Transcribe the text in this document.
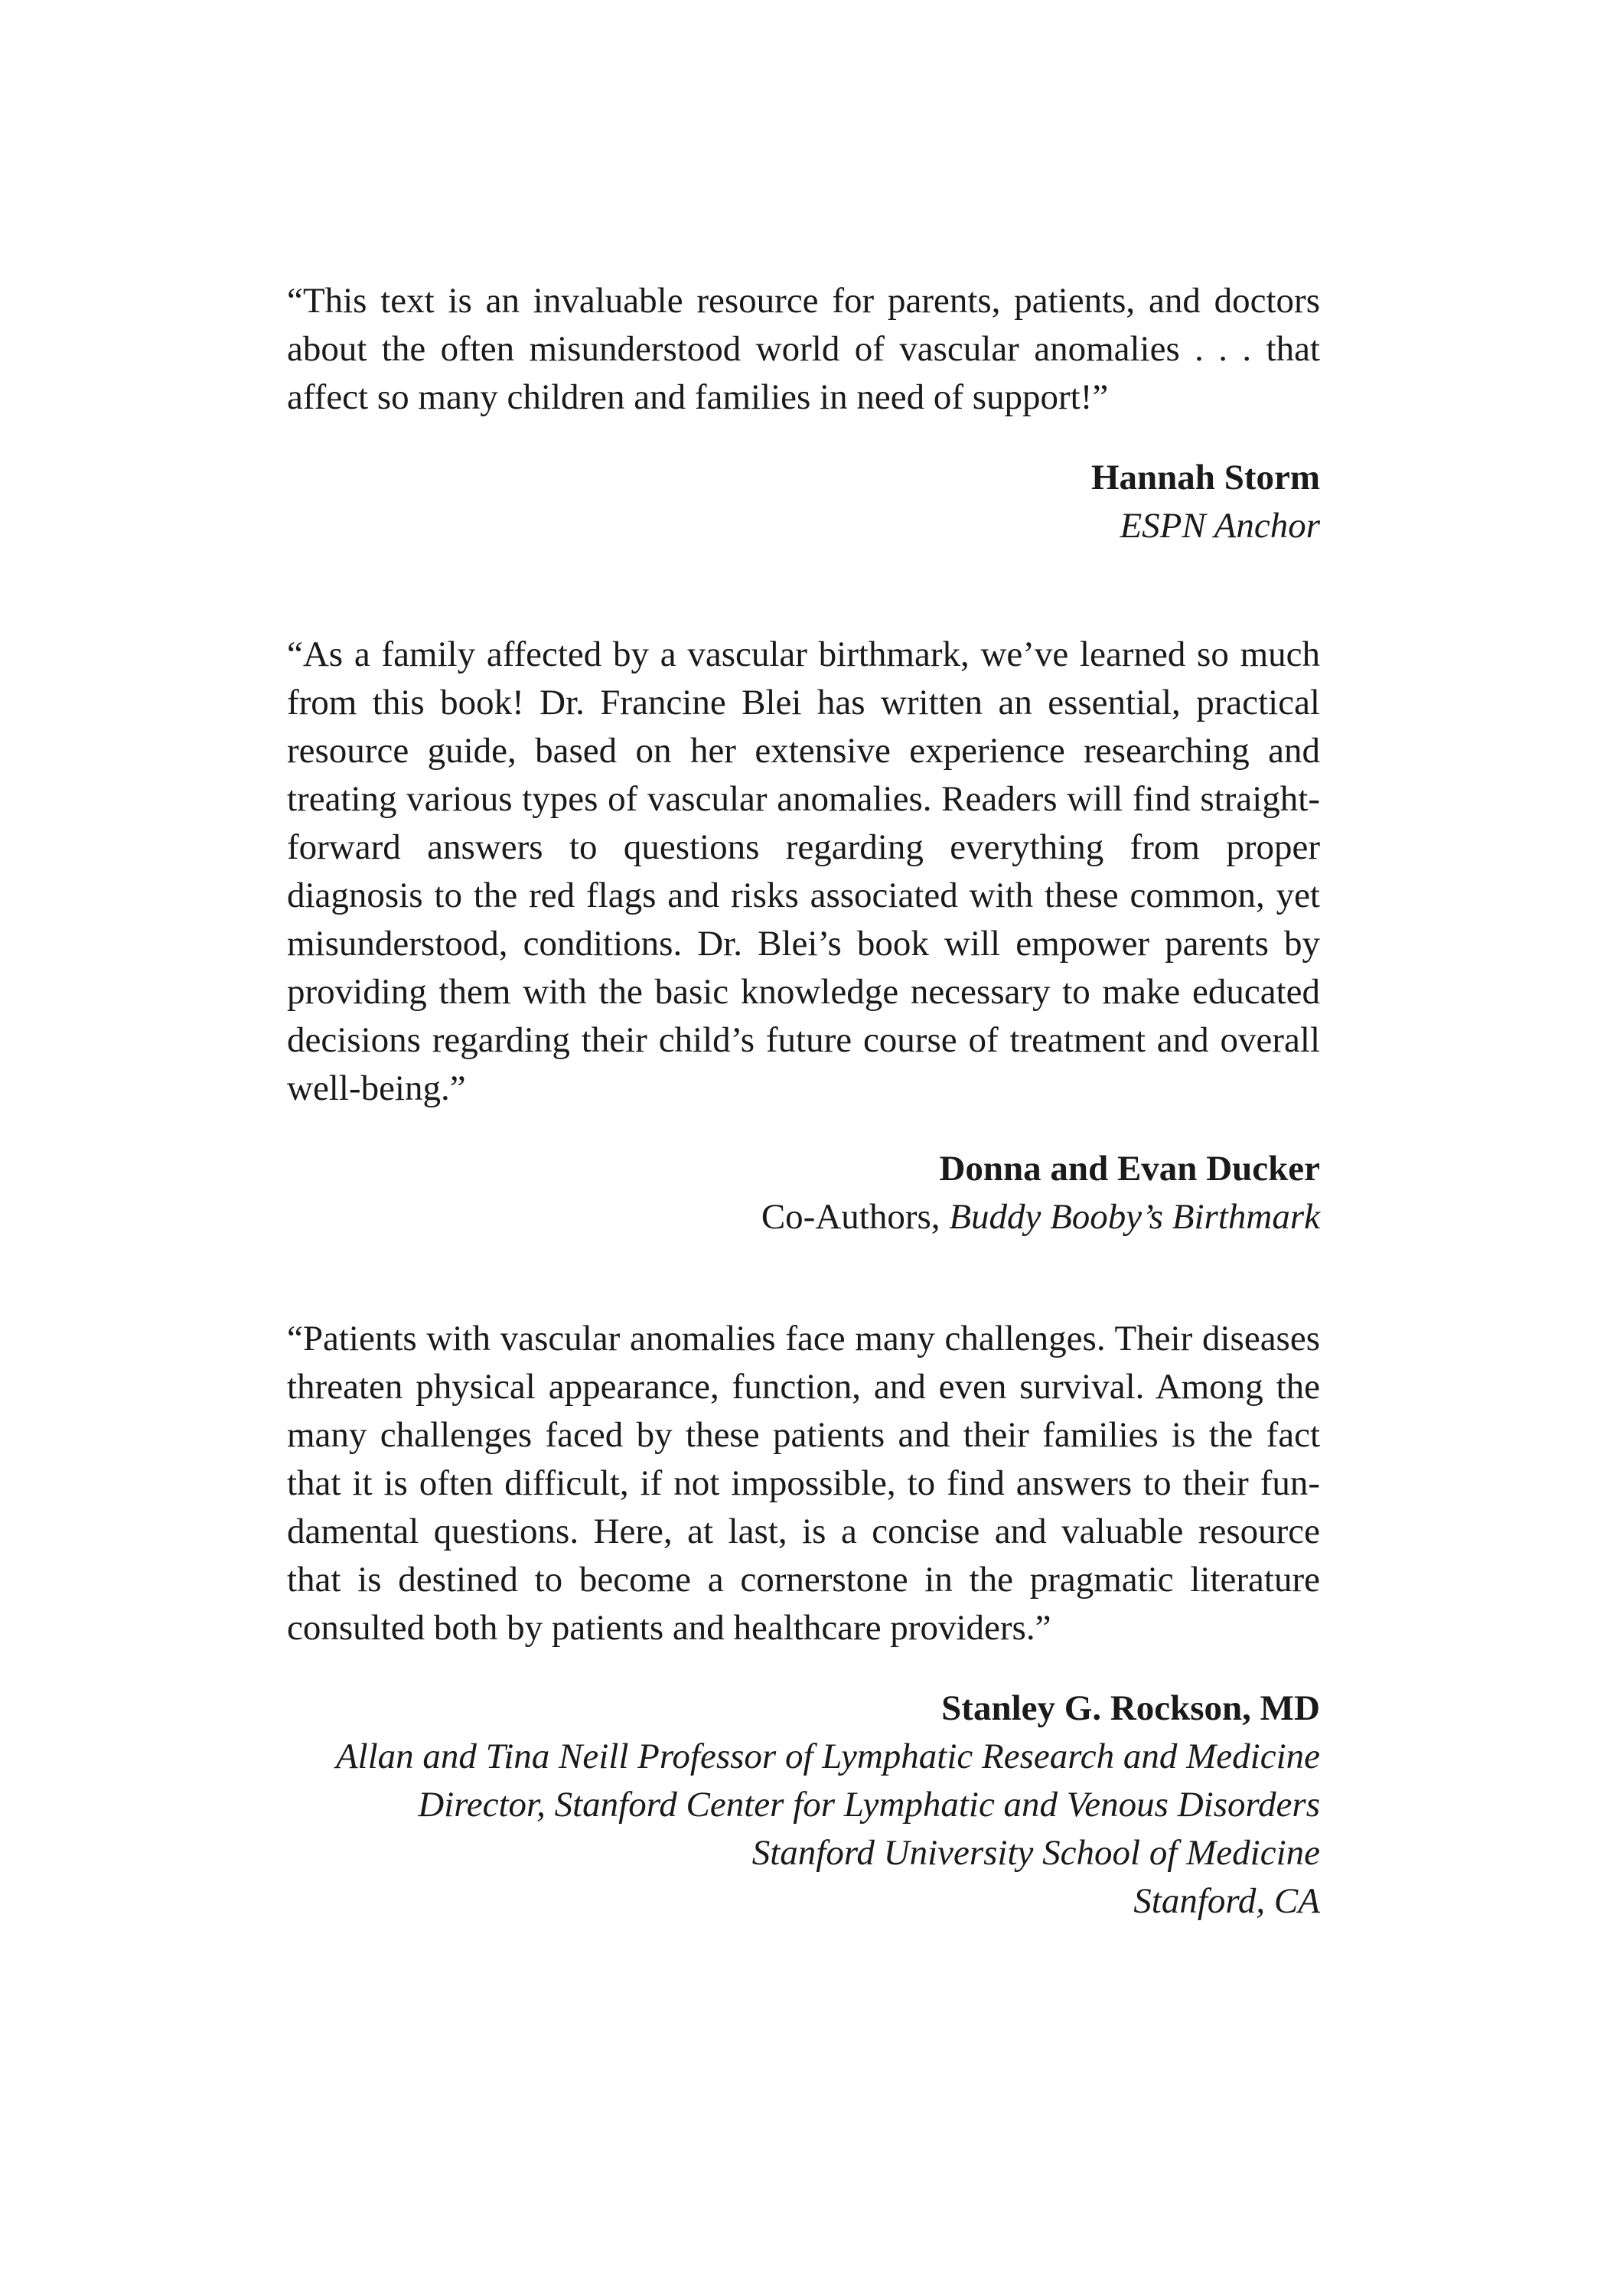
“This text is an invaluable resource for parents, patients, and doctors about the often misunderstood world of vascular anomalies . . . that affect so many children and families in need of support!”

Hannah Storm
ESPN Anchor

“As a family affected by a vascular birthmark, we’ve learned so much from this book! Dr. Francine Blei has written an essential, practical resource guide, based on her extensive experience researching and treating various types of vascular anomalies. Readers will find straight-forward answers to questions regarding everything from proper diagnosis to the red flags and risks associated with these common, yet misunderstood, conditions. Dr. Blei’s book will empower parents by providing them with the basic knowledge necessary to make educated decisions regarding their child’s future course of treatment and overall well-being.”

Donna and Evan Ducker
Co-Authors, Buddy Booby’s Birthmark

“Patients with vascular anomalies face many challenges. Their diseases threaten physical appearance, function, and even survival. Among the many challenges faced by these patients and their families is the fact that it is often difficult, if not impossible, to find answers to their fun-damental questions. Here, at last, is a concise and valuable resource that is destined to become a cornerstone in the pragmatic literature consulted both by patients and healthcare providers.”

Stanley G. Rockson, MD
Allan and Tina Neill Professor of Lymphatic Research and Medicine
Director, Stanford Center for Lymphatic and Venous Disorders
Stanford University School of Medicine
Stanford, CA
